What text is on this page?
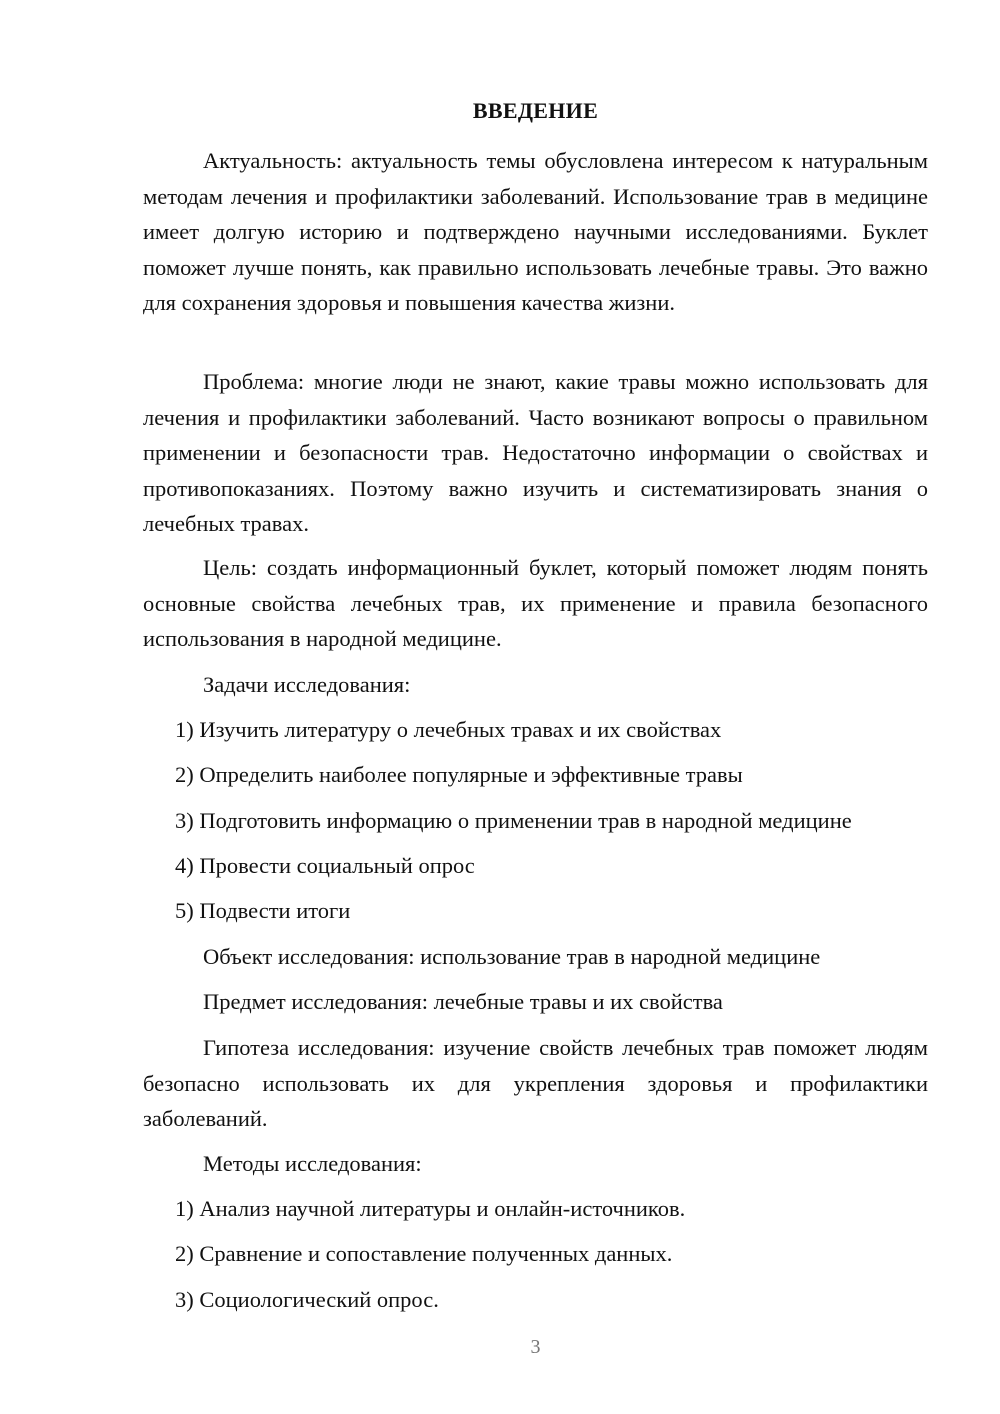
ВВЕДЕНИЕ

Актуальность: актуальность темы обусловлена интересом к натуральным методам лечения и профилактики заболеваний. Использование трав в медицине имеет долгую историю и подтверждено научными исследованиями. Буклет поможет лучше понять, как правильно использовать лечебные травы. Это важно для сохранения здоровья и повышения качества жизни.

Проблема: многие люди не знают, какие травы можно использовать для лечения и профилактики заболеваний. Часто возникают вопросы о правильном применении и безопасности трав. Недостаточно информации о свойствах и противопоказаниях. Поэтому важно изучить и систематизировать знания о лечебных травах.

Цель: создать информационный буклет, который поможет людям понять основные свойства лечебных трав, их применение и правила безопасного использования в народной медицине.

Задачи исследования:

1) Изучить литературу о лечебных травах и их свойствах

2) Определить наиболее популярные и эффективные травы

3) Подготовить информацию о применении трав в народной медицине

4) Провести социальный опрос

5) Подвести итоги

Объект исследования: использование трав в народной медицине

Предмет исследования: лечебные травы и их свойства

Гипотеза исследования: изучение свойств лечебных трав поможет людям безопасно использовать их для укрепления здоровья и профилактики заболеваний.

Методы исследования:

1) Анализ научной литературы и онлайн-источников.

2) Сравнение и сопоставление полученных данных.

3) Социологический опрос.

3
